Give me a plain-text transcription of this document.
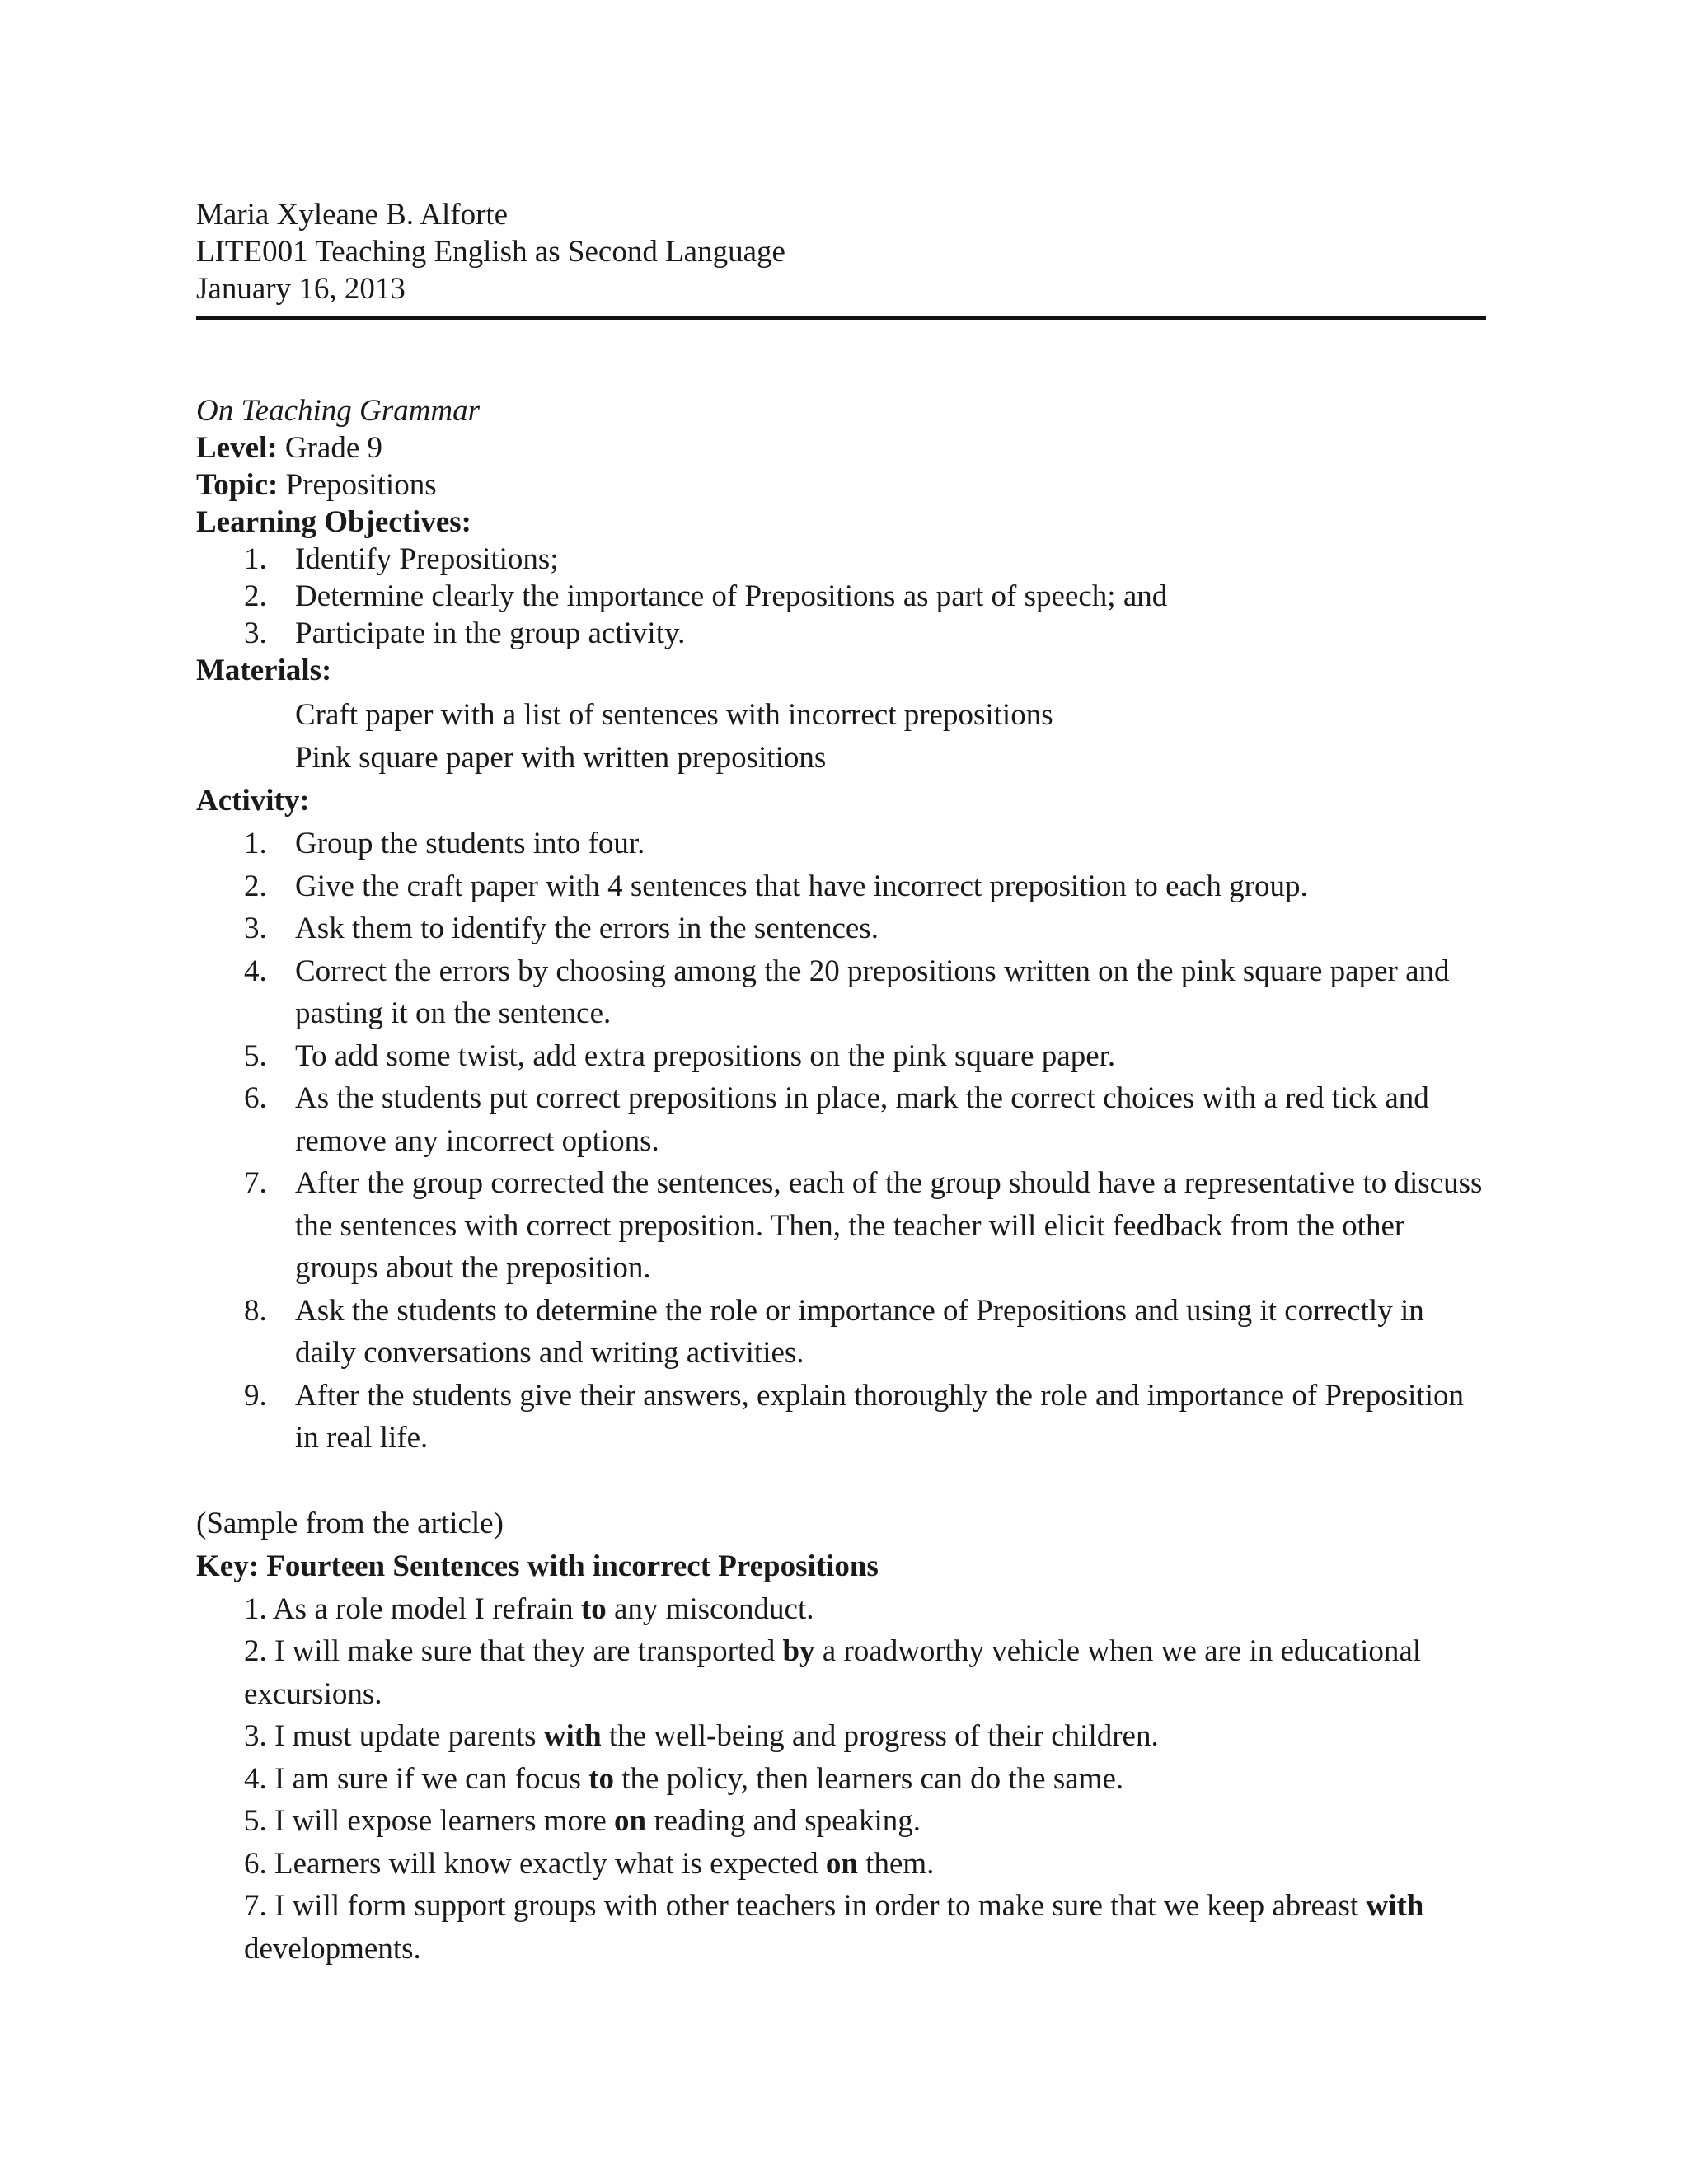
Maria Xyleane B. Alforte
LITE001 Teaching English as Second Language
January 16, 2013
On Teaching Grammar
Level: Grade 9
Topic: Prepositions
Learning Objectives:
1. Identify Prepositions;
2. Determine clearly the importance of Prepositions as part of speech; and
3. Participate in the group activity.
Materials:
Craft paper with a list of sentences with incorrect prepositions
Pink square paper with written prepositions
Activity:
1. Group the students into four.
2. Give the craft paper with 4 sentences that have incorrect preposition to each group.
3. Ask them to identify the errors in the sentences.
4. Correct the errors by choosing among the 20 prepositions written on the pink square paper and pasting it on the sentence.
5. To add some twist, add extra prepositions on the pink square paper.
6. As the students put correct prepositions in place, mark the correct choices with a red tick and remove any incorrect options.
7. After the group corrected the sentences, each of the group should have a representative to discuss the sentences with correct preposition. Then, the teacher will elicit feedback from the other groups about the preposition.
8. Ask the students to determine the role or importance of Prepositions and using it correctly in daily conversations and writing activities.
9. After the students give their answers, explain thoroughly the role and importance of Preposition in real life.
(Sample from the article)
Key: Fourteen Sentences with incorrect Prepositions
1. As a role model I refrain to any misconduct.
2. I will make sure that they are transported by a roadworthy vehicle when we are in educational excursions.
3. I must update parents with the well-being and progress of their children.
4. I am sure if we can focus to the policy, then learners can do the same.
5. I will expose learners more on reading and speaking.
6. Learners will know exactly what is expected on them.
7. I will form support groups with other teachers in order to make sure that we keep abreast with developments.
